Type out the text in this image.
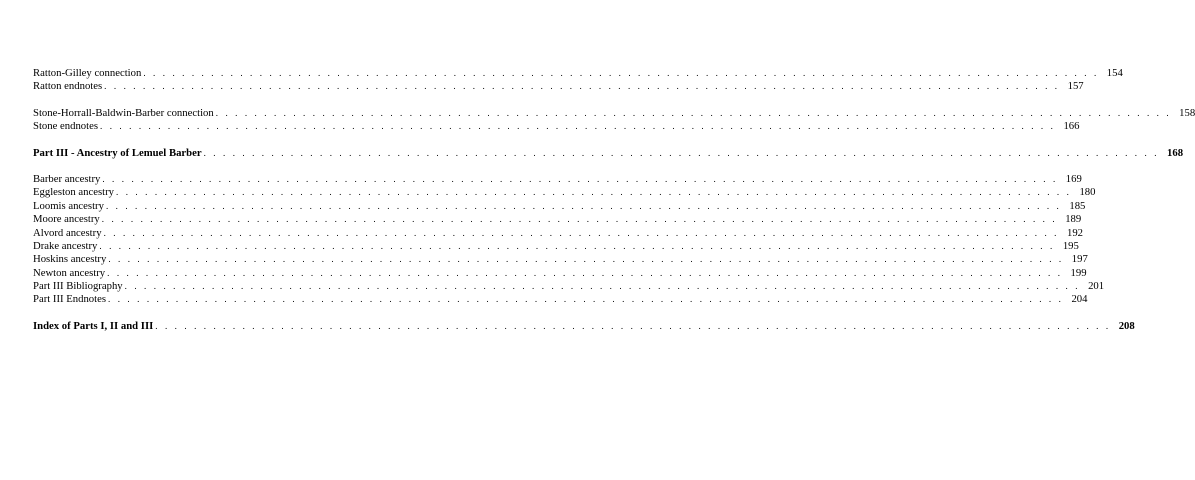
Ratton-Gilley connection . . . . . . . . . . . . . . . . . . . . . . . . . . . . . . . . . . . . . . . . . . . . . . . . . . . . . . . . . . . . . . . . . . . . . . . . . . . . . . . . . . . . . . . . . . . . . . . . . . . 154
Ratton endnotes . . . . . . . . . . . . . . . . . . . . . . . . . . . . . . . . . . . . . . . . . . . . . . . . . . . . . . . . . . . . . . . . . . . . . . . . . . . . . . . . . . . . . . . . . . . . . . . . . . . 157
Stone-Horrall-Baldwin-Barber connection . . . . . . . . . . . . . . . . . . . . . . . . . . . . . . . . . . . . . . . . . . . . . . . . . . . . . . . . . . . . . . . . . . . . . . . . . . . . . . . . . . . . . . . . . . . . . . . . . . . 158
Stone endnotes . . . . . . . . . . . . . . . . . . . . . . . . . . . . . . . . . . . . . . . . . . . . . . . . . . . . . . . . . . . . . . . . . . . . . . . . . . . . . . . . . . . . . . . . . . . . . . . . . . . 166
Part III - Ancestry of Lemuel Barber . . . . . . . . . . . . . . . . . . . . . . . . . . . . . . . . . . . . . . . . . . . . . . . . . . . . . . . . . . . . . . . . . . . . . . . . . . . . . . . . . . . . . . . . . . . . . . . . . . . 168
Barber ancestry . . . . . . . . . . . . . . . . . . . . . . . . . . . . . . . . . . . . . . . . . . . . . . . . . . . . . . . . . . . . . . . . . . . . . . . . . . . . . . . . . . . . . . . . . . . . . . . . . . . 169
Eggleston ancestry . . . . . . . . . . . . . . . . . . . . . . . . . . . . . . . . . . . . . . . . . . . . . . . . . . . . . . . . . . . . . . . . . . . . . . . . . . . . . . . . . . . . . . . . . . . . . . . . . . . 180
Loomis ancestry . . . . . . . . . . . . . . . . . . . . . . . . . . . . . . . . . . . . . . . . . . . . . . . . . . . . . . . . . . . . . . . . . . . . . . . . . . . . . . . . . . . . . . . . . . . . . . . . . . . 185
Moore ancestry . . . . . . . . . . . . . . . . . . . . . . . . . . . . . . . . . . . . . . . . . . . . . . . . . . . . . . . . . . . . . . . . . . . . . . . . . . . . . . . . . . . . . . . . . . . . . . . . . . . 189
Alvord ancestry . . . . . . . . . . . . . . . . . . . . . . . . . . . . . . . . . . . . . . . . . . . . . . . . . . . . . . . . . . . . . . . . . . . . . . . . . . . . . . . . . . . . . . . . . . . . . . . . . . . 192
Drake ancestry . . . . . . . . . . . . . . . . . . . . . . . . . . . . . . . . . . . . . . . . . . . . . . . . . . . . . . . . . . . . . . . . . . . . . . . . . . . . . . . . . . . . . . . . . . . . . . . . . . . 195
Hoskins ancestry . . . . . . . . . . . . . . . . . . . . . . . . . . . . . . . . . . . . . . . . . . . . . . . . . . . . . . . . . . . . . . . . . . . . . . . . . . . . . . . . . . . . . . . . . . . . . . . . . . . 197
Newton ancestry . . . . . . . . . . . . . . . . . . . . . . . . . . . . . . . . . . . . . . . . . . . . . . . . . . . . . . . . . . . . . . . . . . . . . . . . . . . . . . . . . . . . . . . . . . . . . . . . . . . 199
Part III Bibliography . . . . . . . . . . . . . . . . . . . . . . . . . . . . . . . . . . . . . . . . . . . . . . . . . . . . . . . . . . . . . . . . . . . . . . . . . . . . . . . . . . . . . . . . . . . . . . . . . . . 201
Part III Endnotes . . . . . . . . . . . . . . . . . . . . . . . . . . . . . . . . . . . . . . . . . . . . . . . . . . . . . . . . . . . . . . . . . . . . . . . . . . . . . . . . . . . . . . . . . . . . . . . . . . . 204
Index of Parts I, II and III . . . . . . . . . . . . . . . . . . . . . . . . . . . . . . . . . . . . . . . . . . . . . . . . . . . . . . . . . . . . . . . . . . . . . . . . . . . . . . . . . . . . . . . . . . . . . . . . . . . 208
